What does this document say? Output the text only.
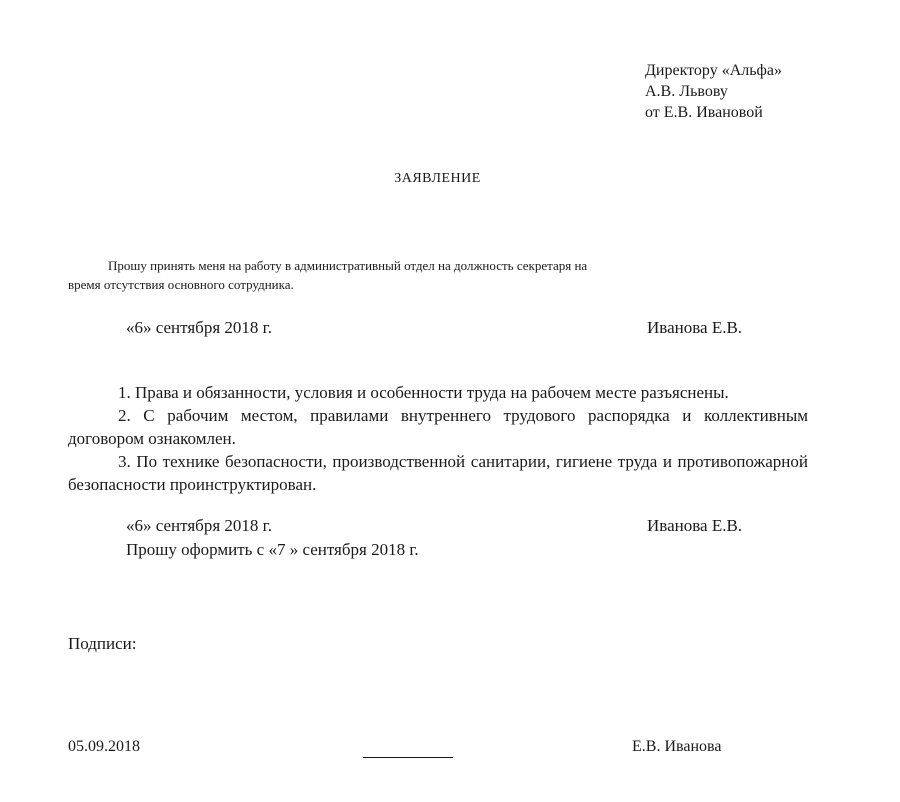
Директору «Альфа»
А.В. Львову
от Е.В. Ивановой
ЗАЯВЛЕНИЕ
Прошу принять меня на работу в административный отдел на должность секретаря на
время отсутствия основного сотрудника.
«6» сентября 2018 г.	Иванова Е.В.

1. Права и обязанности, условия и особенности труда на рабочем месте разъяснены.

2. С рабочим местом, правилами внутреннего трудового распорядка и коллективным договором ознакомлен.

3. По технике безопасности, производственной санитарии, гигиене труда и противопожарной безопасности проинструктирован.

«6» сентября 2018 г.	Иванова Е.В.
Прошу оформить с «7 » сентября 2018 г.
Подписи:
05.09.2018	Е.В. Иванова
